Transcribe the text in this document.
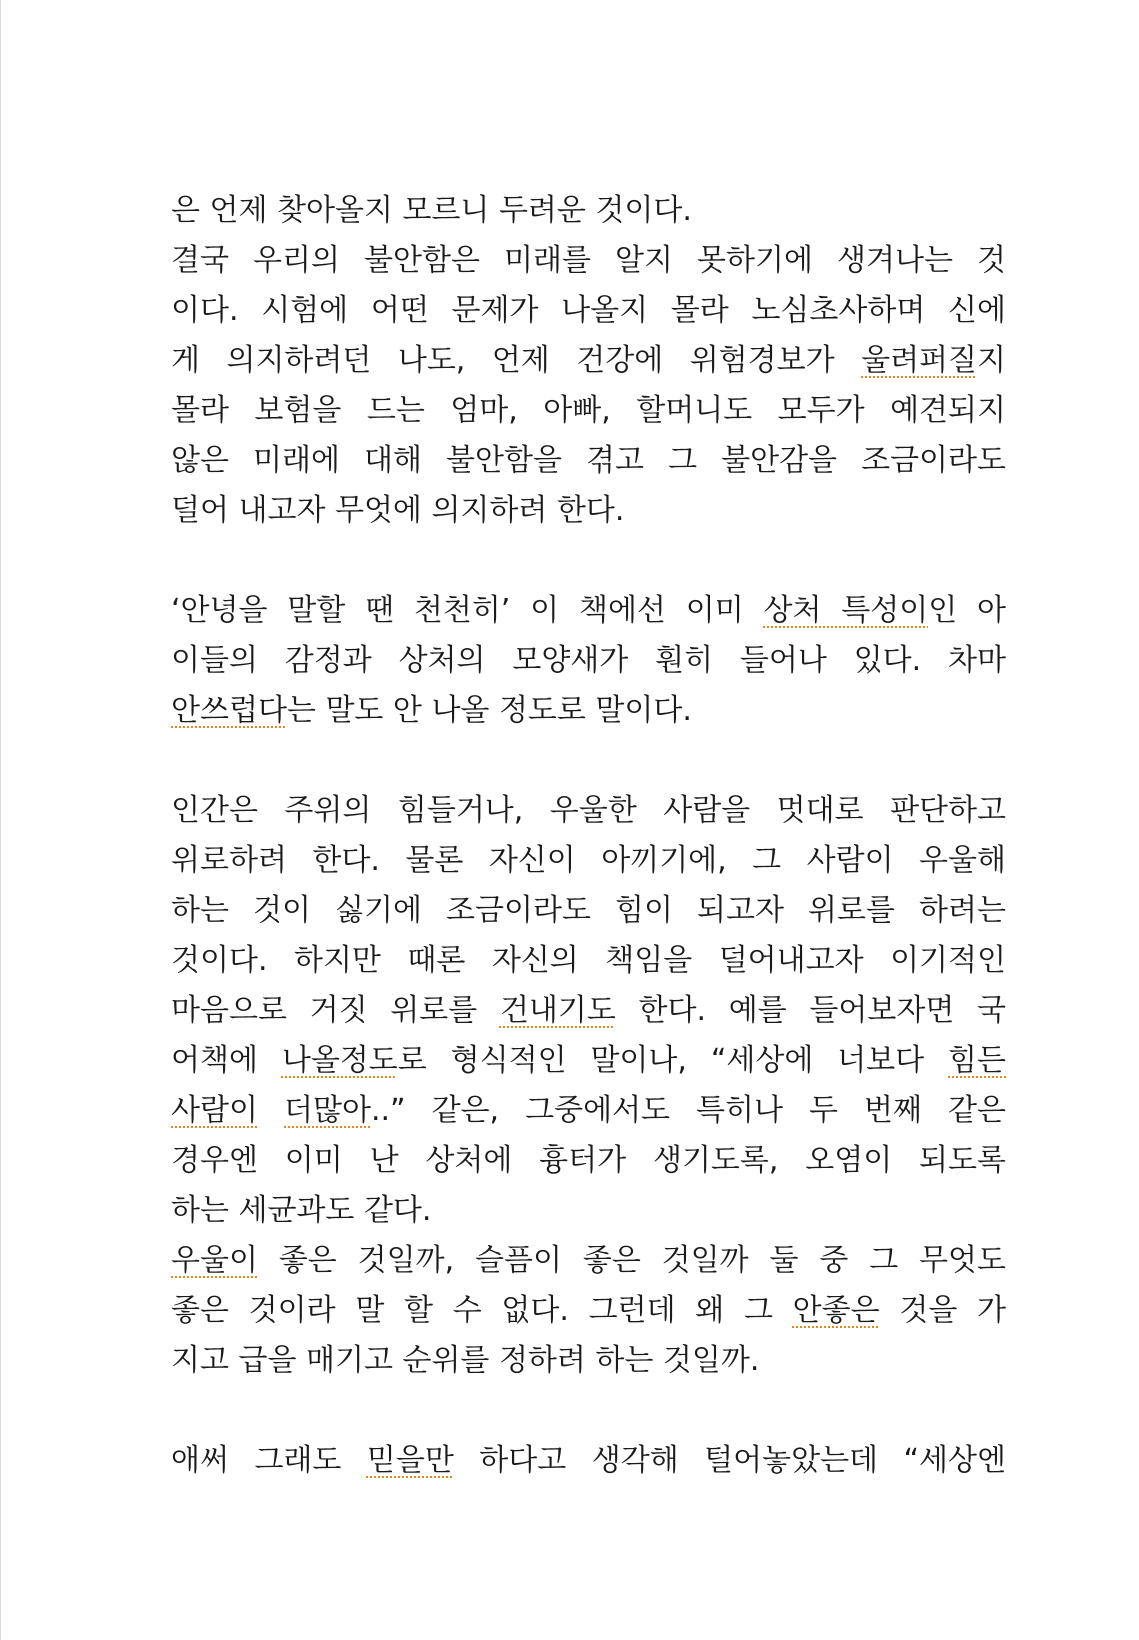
은 언제 찾아올지 모르니 두려운 것이다.
결국 우리의 불안함은 미래를 알지 못하기에 생겨나는 것
이다. 시험에 어떤 문제가 나올지 몰라 노심초사하며 신에
게 의지하려던 나도, 언제 건강에 위험경보가 울려퍼질지
몰라 보험을 드는 엄마, 아빠, 할머니도 모두가 예견되지
않은 미래에 대해 불안함을 겪고 그 불안감을 조금이라도
덜어 내고자 무엇에 의지하려 한다.
‘안녕을 말할 땐 천천히’ 이 책에선 이미 상처 특성이인 아
이들의 감정과 상처의 모양새가 훤히 들어나 있다. 차마
안쓰럽다는 말도 안 나올 정도로 말이다.
인간은 주위의 힘들거나, 우울한 사람을 멋대로 판단하고
위로하려 한다. 물론 자신이 아끼기에, 그 사람이 우울해
하는 것이 싫기에 조금이라도 힘이 되고자 위로를 하려는
것이다. 하지만 때론 자신의 책임을 덜어내고자 이기적인
마음으로 거짓 위로를 건내기도 한다. 예를 들어보자면 국
어책에 나올정도로 형식적인 말이나, “세상에 너보다 힘든
사람이 더많아..” 같은, 그중에서도 특히나 두 번째 같은
경우엔 이미 난 상처에 흉터가 생기도록, 오염이 되도록
하는 세균과도 같다.
우울이 좋은 것일까, 슬픔이 좋은 것일까 둘 중 그 무엇도
좋은 것이라 말 할 수 없다. 그런데 왜 그 안좋은 것을 가
지고 급을 매기고 순위를 정하려 하는 것일까.
애써 그래도 믿을만 하다고 생각해 털어놓았는데 “세상엔
